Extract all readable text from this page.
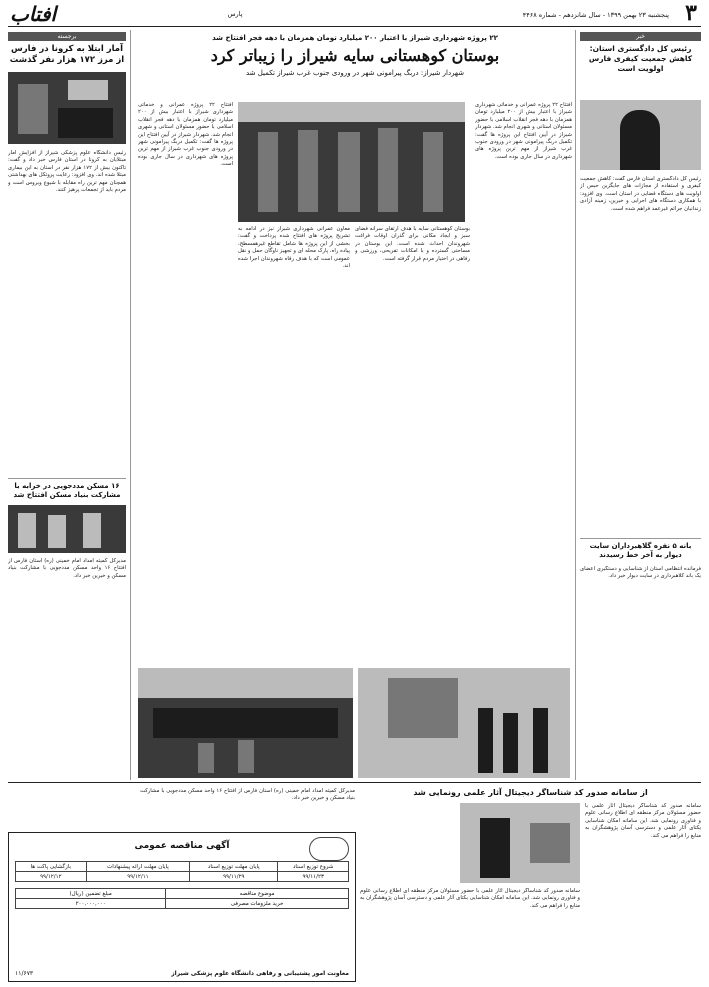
افتاب	پارس	پنجشنبه ۲۳ بهمن ۱۳۹۹ - سال شانزدهم - شماره ۴۴۶۸ ۳
برجسته
آمار ابتلا به کرونا در فارس از مرز ۱۷۲ هزار نفر گذشت
رئیس دانشگاه علوم پزشکی شیراز از افزایش آمار مبتلایان به کرونا در استان فارس خبر داد و گفت: تاکنون بیش از ۱۷۲ هزار نفر در استان به این بیماری مبتلا شده اند. وی افزود: رعایت پروتکل های بهداشتی همچنان مهم ترین راه مقابله با شیوع ویروس است و مردم باید از تجمعات پرهیز کنند.
۱۶ مسکن مددجویی در خرابه با مشارکت بنیاد مسکن افتتاح شد
مدیرکل کمیته امداد امام خمینی (ره) استان فارس از افتتاح ۱۶ واحد مسکن مددجویی با مشارکت بنیاد مسکن و خیرین خبر داد.
۲۲ پروژه شهرداری شیراز با اعتبار ۲۰۰ میلیارد تومان همزمان با دهه فجر افتتاح شد
بوستان کوهستانی سایه شیراز را زیباتر کرد
شهردار شیراز: دربگ پیرامونی شهر در ورودی جنوب غرب شیراز تکمیل شد
افتتاح ۲۲ پروژه عمرانی و خدماتی شهرداری شیراز با اعتبار بیش از ۲۰۰ میلیارد تومان همزمان با دهه فجر انقلاب اسلامی با حضور مسئولان استانی و شهری انجام شد. شهردار شیراز در آیین افتتاح این پروژه ها گفت: تکمیل دربگ پیرامونی شهر در ورودی جنوب غرب شیراز از مهم ترین پروژه های شهرداری در سال جاری بوده است.
بوستان کوهستانی سایه با هدف ارتقای سرانه فضای سبز و ایجاد مکانی برای گذران اوقات فراغت شهروندان احداث شده است. این بوستان در مساحتی گسترده و با امکانات تفریحی، ورزشی و رفاهی در اختیار مردم قرار گرفته است.
معاون عمرانی شهرداری شیراز نیز در ادامه به تشریح پروژه های افتتاح شده پرداخت و گفت: بخشی از این پروژه ها شامل تقاطع غیرهمسطح، پیاده راه، پارک محله ای و تجهیز ناوگان حمل و نقل عمومی است که با هدف رفاه شهروندان اجرا شده اند.
افتتاح ۲۲ پروژه عمرانی و خدماتی شهرداری شیراز با اعتبار بیش از ۲۰۰ میلیارد تومان همزمان با دهه فجر انقلاب اسلامی با حضور مسئولان استانی و شهری انجام شد. شهردار شیراز در آیین افتتاح این پروژه ها گفت: تکمیل دربگ پیرامونی شهر در ورودی جنوب غرب شیراز از مهم ترین پروژه های شهرداری در سال جاری بوده است.
خبر
رئیس کل دادگستری استان: کاهش جمعیت کیفری فارس اولویت است
رئیس کل دادگستری استان فارس گفت: کاهش جمعیت کیفری و استفاده از مجازات های جایگزین حبس از اولویت های دستگاه قضایی در استان است. وی افزود: با همکاری دستگاه های اجرایی و خیرین، زمینه آزادی زندانیان جرائم غیرعمد فراهم شده است.
بانه ۵ نفره گلاهبرداران سایت دیوار به آخر خط رسیدند
فرمانده انتظامی استان از شناسایی و دستگیری اعضای یک باند کلاهبرداری در سایت دیوار خبر داد.
از سامانه صدور کد شناساگر دیجیتال آثار علمی رونمایی شد
سامانه صدور کد شناساگر دیجیتال آثار علمی با حضور مسئولان مرکز منطقه ای اطلاع رسانی علوم و فناوری رونمایی شد. این سامانه امکان شناسایی یکتای آثار علمی و دسترسی آسان پژوهشگران به منابع را فراهم می کند.
سامانه صدور کد شناساگر دیجیتال آثار علمی با حضور مسئولان مرکز منطقه ای اطلاع رسانی علوم و فناوری رونمایی شد. این سامانه امکان شناسایی یکتای آثار علمی و دسترسی آسان پژوهشگران به منابع را فراهم می کند.
مدیرکل کمیته امداد امام خمینی (ره) استان فارس از افتتاح ۱۶ واحد مسکن مددجویی با مشارکت بنیاد مسکن و خیرین خبر داد.
آگهی مناقصه عمومی
شروع توزیع اسناد	پایان مهلت توزیع اسناد	پایان مهلت ارائه پیشنهادات	بازگشایی پاکت ها
۹۹/۱۱/۲۳	۹۹/۱۱/۲۹	۹۹/۱۲/۱۱	۹۹/۱۲/۱۲
موضوع مناقصه	مبلغ تضمین (ریال)
خرید ملزومات مصرفی	۲۰۰,۰۰۰,۰۰۰
معاونت امور پشتیبانی و رفاهی دانشگاه علوم پزشکی شیراز
۱۱/۶۷۳
